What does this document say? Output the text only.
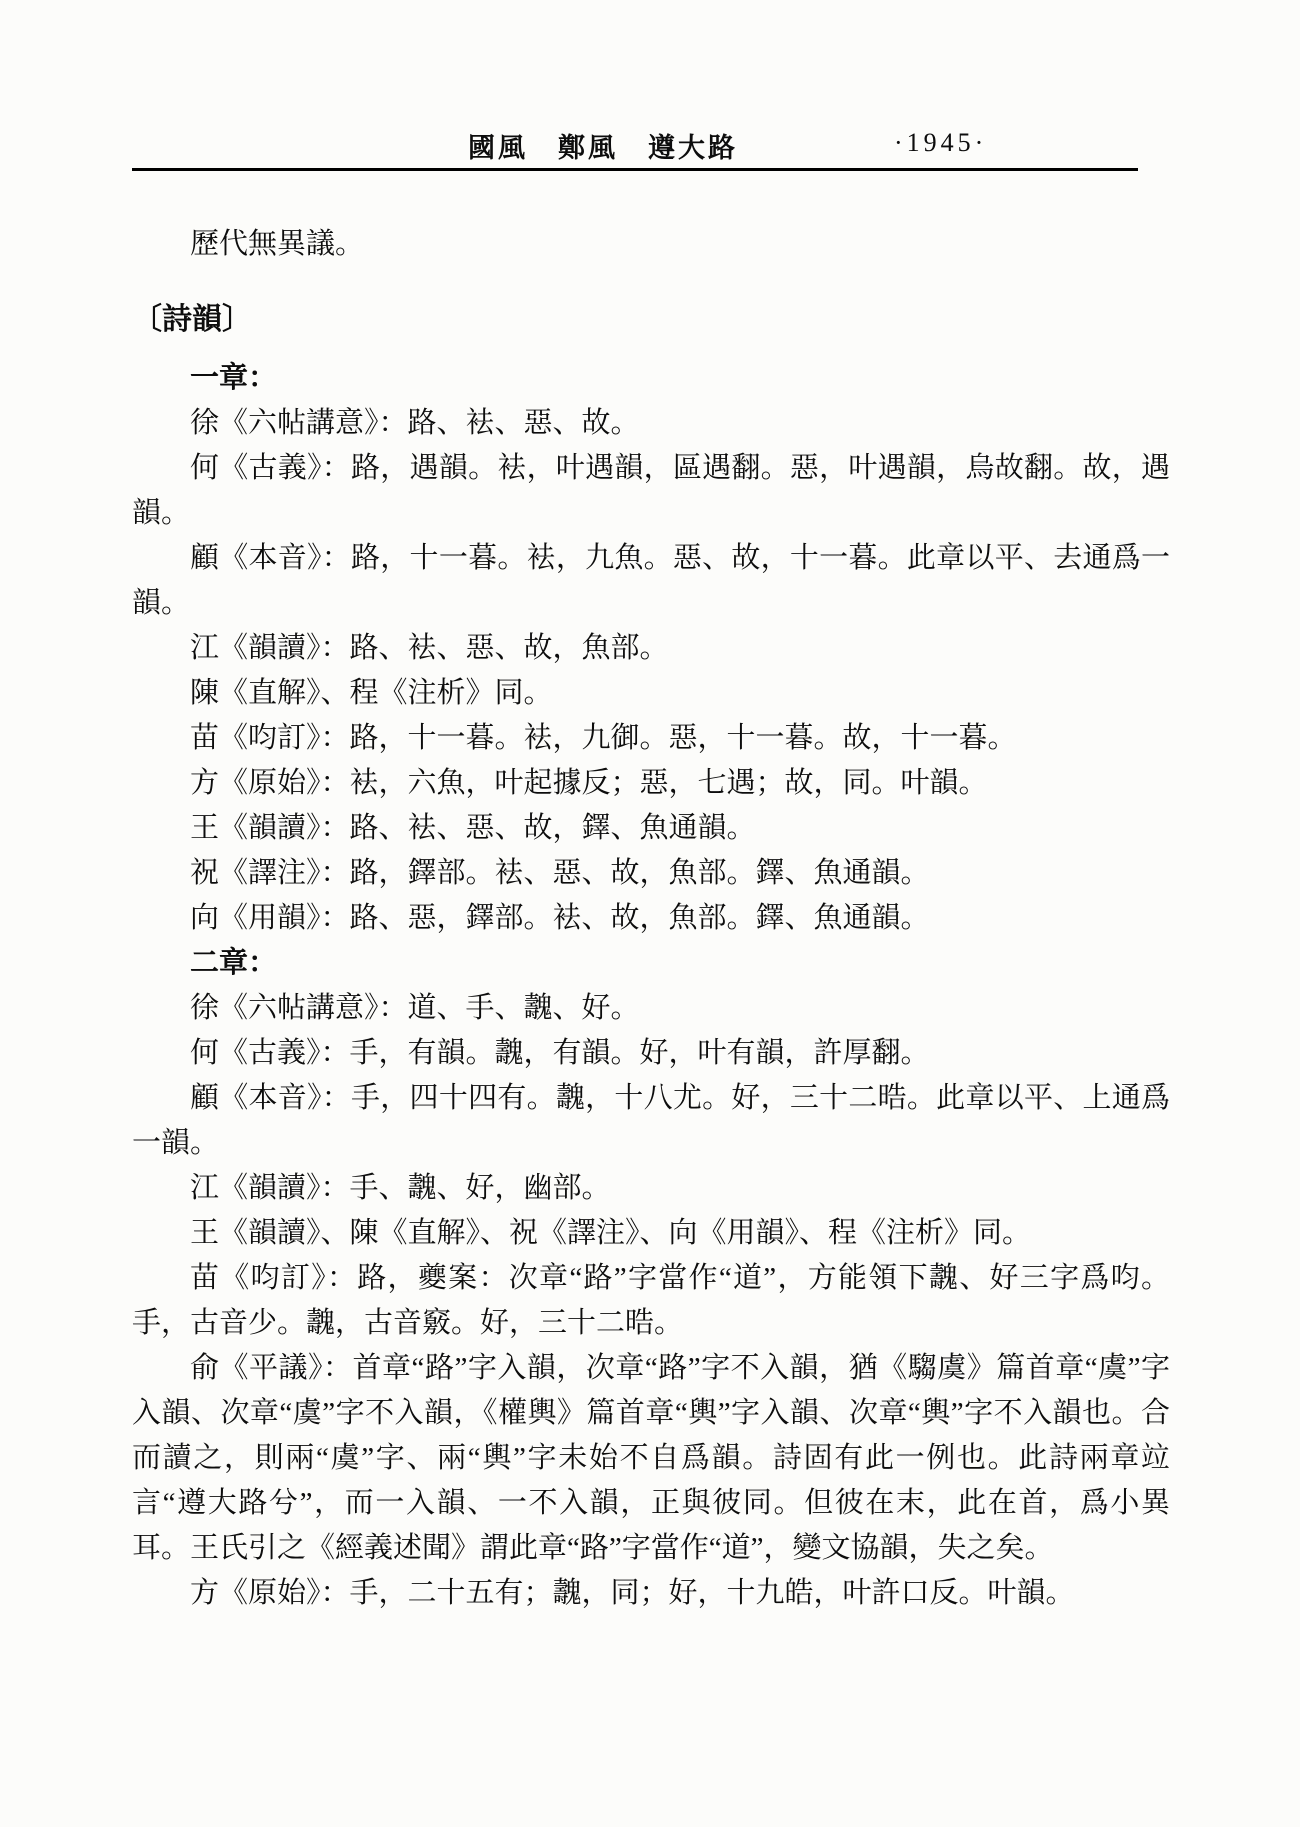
國風　鄭風　遵大路	·1945·

歷代無異議。

〔詩韻〕

一章：

徐《六帖講意》：路、袪、惡、故。

何《古義》：路，遇韻。袪，叶遇韻，區遇翻。惡，叶遇韻，烏故翻。故，遇韻。

顧《本音》：路，十一暮。袪，九魚。惡、故，十一暮。此章以平、去通爲一韻。

江《韻讀》：路、袪、惡、故，魚部。

陳《直解》、程《注析》同。

苗《呁訂》：路，十一暮。袪，九御。惡，十一暮。故，十一暮。

方《原始》：袪，六魚，叶起據反；惡，七遇；故，同。叶韻。

王《韻讀》：路、袪、惡、故，鐸、魚通韻。

祝《譯注》：路，鐸部。袪、惡、故，魚部。鐸、魚通韻。

向《用韻》：路、惡，鐸部。袪、故，魚部。鐸、魚通韻。

二章：

徐《六帖講意》：道、手、魗、好。

何《古義》：手，有韻。魗，有韻。好，叶有韻，許厚翻。

顧《本音》：手，四十四有。魗，十八尤。好，三十二晧。此章以平、上通爲一韻。

江《韻讀》：手、魗、好，幽部。

王《韻讀》、陳《直解》、祝《譯注》、向《用韻》、程《注析》同。

苗《呁訂》：路，夔案：次章“路”字當作“道”，方能領下魗、好三字爲呁。手，古音少。魗，古音竅。好，三十二晧。

俞《平議》：首章“路”字入韻，次章“路”字不入韻，猶《騶虞》篇首章“虞”字入韻、次章“虞”字不入韻，《權輿》篇首章“輿”字入韻、次章“輿”字不入韻也。合而讀之，則兩“虞”字、兩“輿”字未始不自爲韻。詩固有此一例也。此詩兩章竝言“遵大路兮”，而一入韻、一不入韻，正與彼同。但彼在末，此在首，爲小異耳。王氏引之《經義述聞》謂此章“路”字當作“道”，變文協韻，失之矣。

方《原始》：手，二十五有；魗，同；好，十九皓，叶許口反。叶韻。
